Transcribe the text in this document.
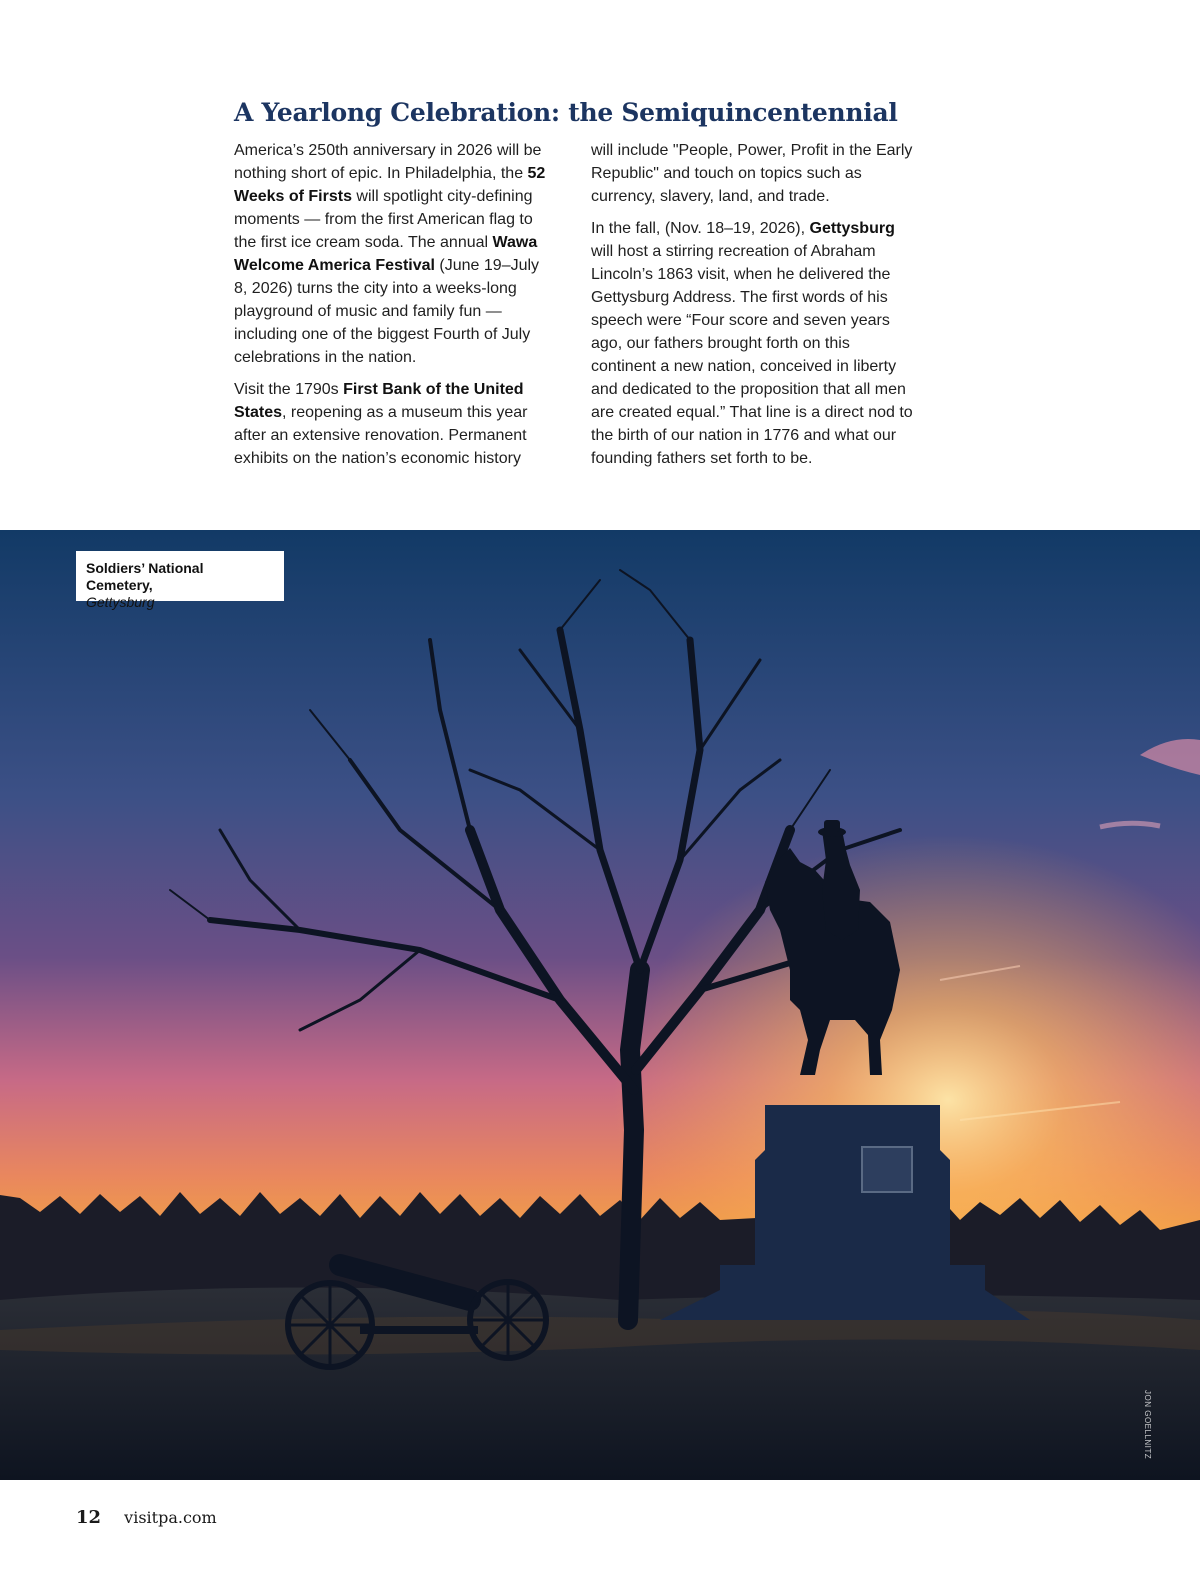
A Yearlong Celebration: the Semiquincentennial

America’s 250th anniversary in 2026 will be nothing short of epic. In Philadelphia, the 52 Weeks of Firsts will spotlight city-defining moments — from the first American flag to the first ice cream soda. The annual Wawa Welcome America Festival (June 19–July 8, 2026) turns the city into a weeks-long playground of music and family fun — including one of the biggest Fourth of July celebrations in the nation.

Visit the 1790s First Bank of the United States, reopening as a museum this year after an extensive renovation. Permanent exhibits on the nation’s economic history

will include "People, Power, Profit in the Early Republic" and touch on topics such as currency, slavery, land, and trade.

In the fall, (Nov. 18–19, 2026), Gettysburg will host a stirring recreation of Abraham Lincoln’s 1863 visit, when he delivered the Gettysburg Address. The first words of his speech were “Four score and seven years ago, our fathers brought forth on this continent a new nation, conceived in liberty and dedicated to the proposition that all men are created equal.” That line is a direct nod to the birth of our nation in 1776 and what our founding fathers set forth to be.

Soldiers’ National Cemetery,
Gettysburg
JON GOELLNITZ
12 visitpa.com
